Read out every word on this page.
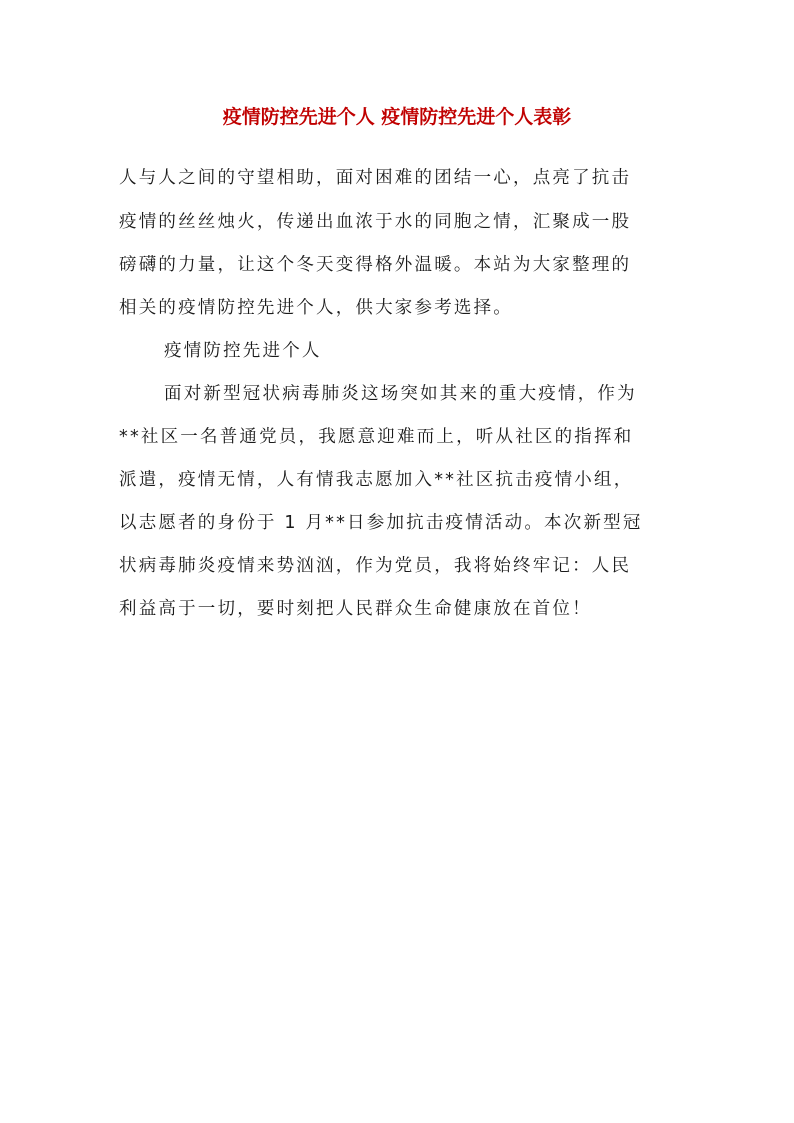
疫情防控先进个人 疫情防控先进个人表彰
人与人之间的守望相助，面对困难的团结一心，点亮了抗击
疫情的丝丝烛火，传递出血浓于水的同胞之情，汇聚成一股
磅礴的力量，让这个冬天变得格外温暖。本站为大家整理的
相关的疫情防控先进个人，供大家参考选择。
疫情防控先进个人
面对新型冠状病毒肺炎这场突如其来的重大疫情，作为
**社区一名普通党员，我愿意迎难而上，听从社区的指挥和
派遣，疫情无情，人有情我志愿加入**社区抗击疫情小组，
以志愿者的身份于 1 月**日参加抗击疫情活动。本次新型冠
状病毒肺炎疫情来势汹汹，作为党员，我将始终牢记：人民
利益高于一切，要时刻把人民群众生命健康放在首位！
